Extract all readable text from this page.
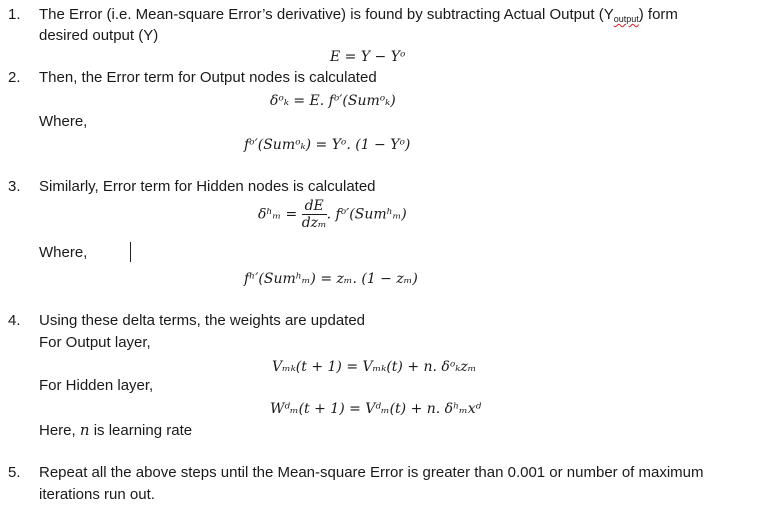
1. The Error (i.e. Mean-square Error’s derivative) is found by subtracting Actual Output $(Y_{output})$ form
desired output (Y)
E = Y − Yᵒ
2. Then, the Error term for Output nodes is calculated
δᵒₖ = E. fᵒ′(Sumᵒₖ)
Where,
fᵒ′(Sumᵒₖ) = Yᵒ. (1 − Yᵒ)
3. Similarly, Error term for Hidden nodes is calculated
δʰₘ = $\frac{dE}{\text{dzₘ}}$ . fᵒ′(Sumʰₘ)
Where,
fʰ′(Sumʰₘ) = zₘ. (1 − zₘ)
4. Using these delta terms, the weights are updated
For Output layer,
Vₘₖ(t + 1) = Vₘₖ(t) + n. δᵒₖzₘ
For Hidden layer,
Wᵈₘ(t + 1) = Vᵈₘ(t) + n. δʰₘxᵈ
Here, n is learning rate
5. Repeat all the above steps until the Mean-square Error is greater than 0.001 or number of maximum
iterations run out.
